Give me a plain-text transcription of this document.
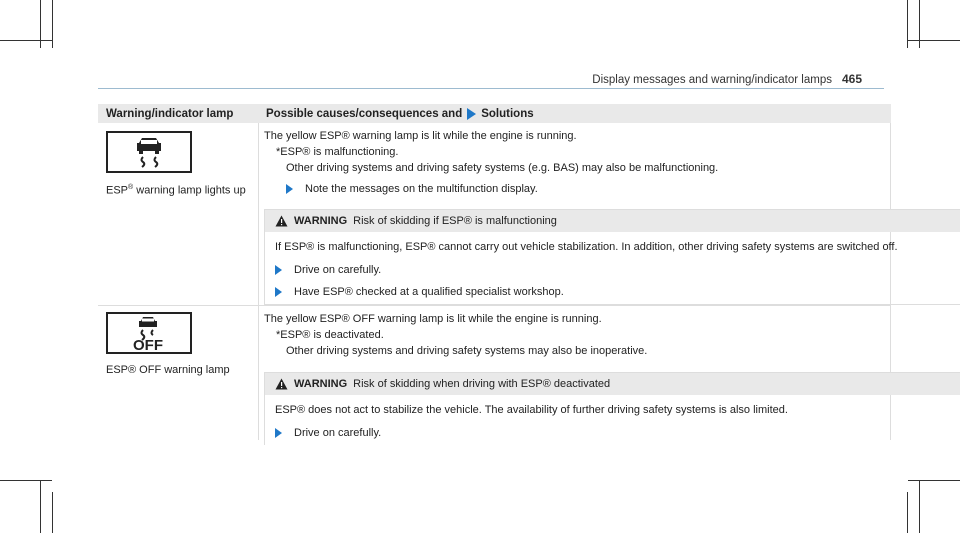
Display messages and warning/indicator lamps 465
Warning/indicator lamp	Possible causes/consequences and Solutions
ESP® warning lamp lights up

The yellow ESP® warning lamp is lit while the engine is running.

*ESP® is malfunctioning.

Other driving systems and driving safety systems (e.g. BAS) may also be malfunctioning.

Note the messages on the multifunction display.
WARNING Risk of skidding if ESP® is malfunctioning

If ESP® is malfunctioning, ESP® cannot carry out vehicle stabilization. In addition, other driving safety systems are switched off.

Drive on carefully.
Have ESP® checked at a qualified specialist workshop.
OFF
ESP® OFF warning lamp

The yellow ESP® OFF warning lamp is lit while the engine is running.

*ESP® is deactivated.

Other driving systems and driving safety systems may also be inoperative.

WARNING Risk of skidding when driving with ESP® deactivated

ESP® does not act to stabilize the vehicle. The availability of further driving safety systems is also limited.

Drive on carefully.
